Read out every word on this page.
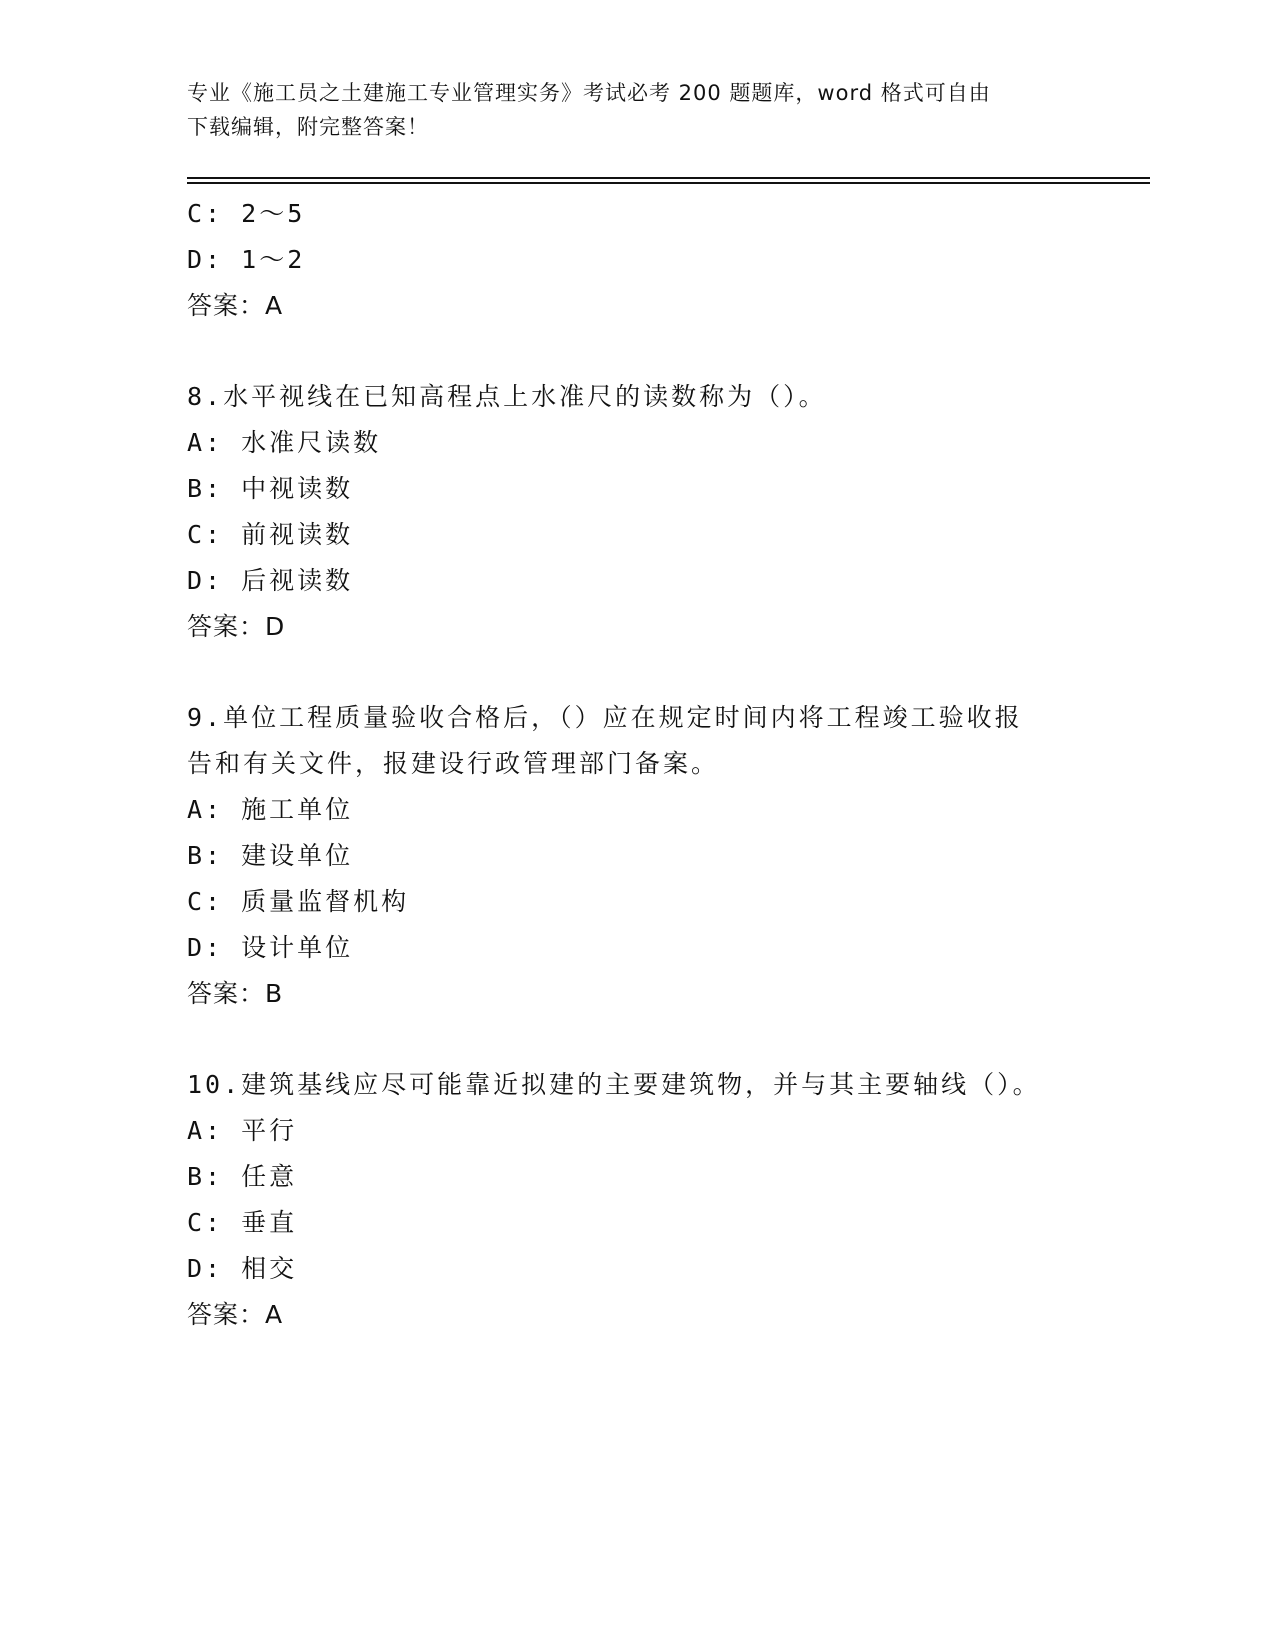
专业《施工员之土建施工专业管理实务》考试必考 200 题题库，word 格式可自由
下载编辑，附完整答案！
C: 2～5
D: 1～2
答案：A
8.水平视线在已知高程点上水准尺的读数称为（）。
A: 水准尺读数
B: 中视读数
C: 前视读数
D: 后视读数
答案：D
9.单位工程质量验收合格后，（）应在规定时间内将工程竣工验收报
告和有关文件，报建设行政管理部门备案。
A: 施工单位
B: 建设单位
C: 质量监督机构
D: 设计单位
答案：B
10.建筑基线应尽可能靠近拟建的主要建筑物，并与其主要轴线（）。
A: 平行
B: 任意
C: 垂直
D: 相交
答案：A
